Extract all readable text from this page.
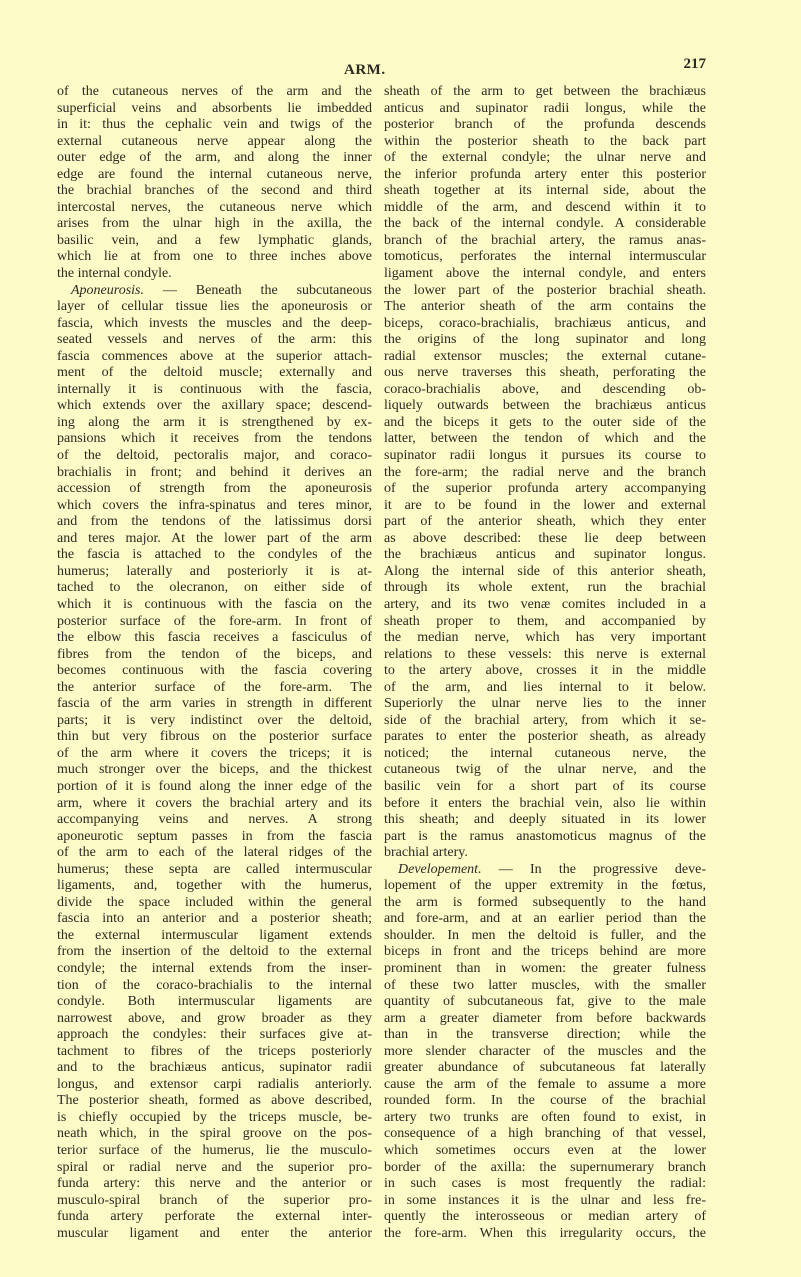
ARM.	217
of the cutaneous nerves of the arm and the
superficial veins and absorbents lie imbedded
in it: thus the cephalic vein and twigs of the
external cutaneous nerve appear along the
outer edge of the arm, and along the inner
edge are found the internal cutaneous nerve,
the brachial branches of the second and third
intercostal nerves, the cutaneous nerve which
arises from the ulnar high in the axilla, the
basilic vein, and a few lymphatic glands,
which lie at from one to three inches above
the internal condyle.
Aponeurosis. — Beneath the subcutaneous
layer of cellular tissue lies the aponeurosis or
fascia, which invests the muscles and the deep-
seated vessels and nerves of the arm: this
fascia commences above at the superior attach-
ment of the deltoid muscle; externally and
internally it is continuous with the fascia,
which extends over the axillary space; descend-
ing along the arm it is strengthened by ex-
pansions which it receives from the tendons
of the deltoid, pectoralis major, and coraco-
brachialis in front; and behind it derives an
accession of strength from the aponeurosis
which covers the infra-spinatus and teres minor,
and from the tendons of the latissimus dorsi
and teres major. At the lower part of the arm
the fascia is attached to the condyles of the
humerus; laterally and posteriorly it is at-
tached to the olecranon, on either side of
which it is continuous with the fascia on the
posterior surface of the fore-arm. In front of
the elbow this fascia receives a fasciculus of
fibres from the tendon of the biceps, and
becomes continuous with the fascia covering
the anterior surface of the fore-arm. The
fascia of the arm varies in strength in different
parts; it is very indistinct over the deltoid,
thin but very fibrous on the posterior surface
of the arm where it covers the triceps; it is
much stronger over the biceps, and the thickest
portion of it is found along the inner edge of the
arm, where it covers the brachial artery and its
accompanying veins and nerves. A strong
aponeurotic septum passes in from the fascia
of the arm to each of the lateral ridges of the
humerus; these septa are called intermuscular
ligaments, and, together with the humerus,
divide the space included within the general
fascia into an anterior and a posterior sheath;
the external intermuscular ligament extends
from the insertion of the deltoid to the external
condyle; the internal extends from the inser-
tion of the coraco-brachialis to the internal
condyle. Both intermuscular ligaments are
narrowest above, and grow broader as they
approach the condyles: their surfaces give at-
tachment to fibres of the triceps posteriorly
and to the brachiæus anticus, supinator radii
longus, and extensor carpi radialis anteriorly.
The posterior sheath, formed as above described,
is chiefly occupied by the triceps muscle, be-
neath which, in the spiral groove on the pos-
terior surface of the humerus, lie the musculo-
spiral or radial nerve and the superior pro-
funda artery: this nerve and the anterior or
musculo-spiral branch of the superior pro-
funda artery perforate the external inter-
muscular ligament and enter the anterior
sheath of the arm to get between the brachiæus
anticus and supinator radii longus, while the
posterior branch of the profunda descends
within the posterior sheath to the back part
of the external condyle; the ulnar nerve and
the inferior profunda artery enter this posterior
sheath together at its internal side, about the
middle of the arm, and descend within it to
the back of the internal condyle. A considerable
branch of the brachial artery, the ramus anas-
tomoticus, perforates the internal intermuscular
ligament above the internal condyle, and enters
the lower part of the posterior brachial sheath.
The anterior sheath of the arm contains the
biceps, coraco-brachialis, brachiæus anticus, and
the origins of the long supinator and long
radial extensor muscles; the external cutane-
ous nerve traverses this sheath, perforating the
coraco-brachialis above, and descending ob-
liquely outwards between the brachiæus anticus
and the biceps it gets to the outer side of the
latter, between the tendon of which and the
supinator radii longus it pursues its course to
the fore-arm; the radial nerve and the branch
of the superior profunda artery accompanying
it are to be found in the lower and external
part of the anterior sheath, which they enter
as above described: these lie deep between
the brachiæus anticus and supinator longus.
Along the internal side of this anterior sheath,
through its whole extent, run the brachial
artery, and its two venæ comites included in a
sheath proper to them, and accompanied by
the median nerve, which has very important
relations to these vessels: this nerve is external
to the artery above, crosses it in the middle
of the arm, and lies internal to it below.
Superiorly the ulnar nerve lies to the inner
side of the brachial artery, from which it se-
parates to enter the posterior sheath, as already
noticed; the internal cutaneous nerve, the
cutaneous twig of the ulnar nerve, and the
basilic vein for a short part of its course
before it enters the brachial vein, also lie within
this sheath; and deeply situated in its lower
part is the ramus anastomoticus magnus of the
brachial artery.
Developement. — In the progressive deve-
lopement of the upper extremity in the fœtus,
the arm is formed subsequently to the hand
and fore-arm, and at an earlier period than the
shoulder. In men the deltoid is fuller, and the
biceps in front and the triceps behind are more
prominent than in women: the greater fulness
of these two latter muscles, with the smaller
quantity of subcutaneous fat, give to the male
arm a greater diameter from before backwards
than in the transverse direction; while the
more slender character of the muscles and the
greater abundance of subcutaneous fat laterally
cause the arm of the female to assume a more
rounded form. In the course of the brachial
artery two trunks are often found to exist, in
consequence of a high branching of that vessel,
which sometimes occurs even at the lower
border of the axilla: the supernumerary branch
in such cases is most frequently the radial:
in some instances it is the ulnar and less fre-
quently the interosseous or median artery of
the fore-arm. When this irregularity occurs, the
